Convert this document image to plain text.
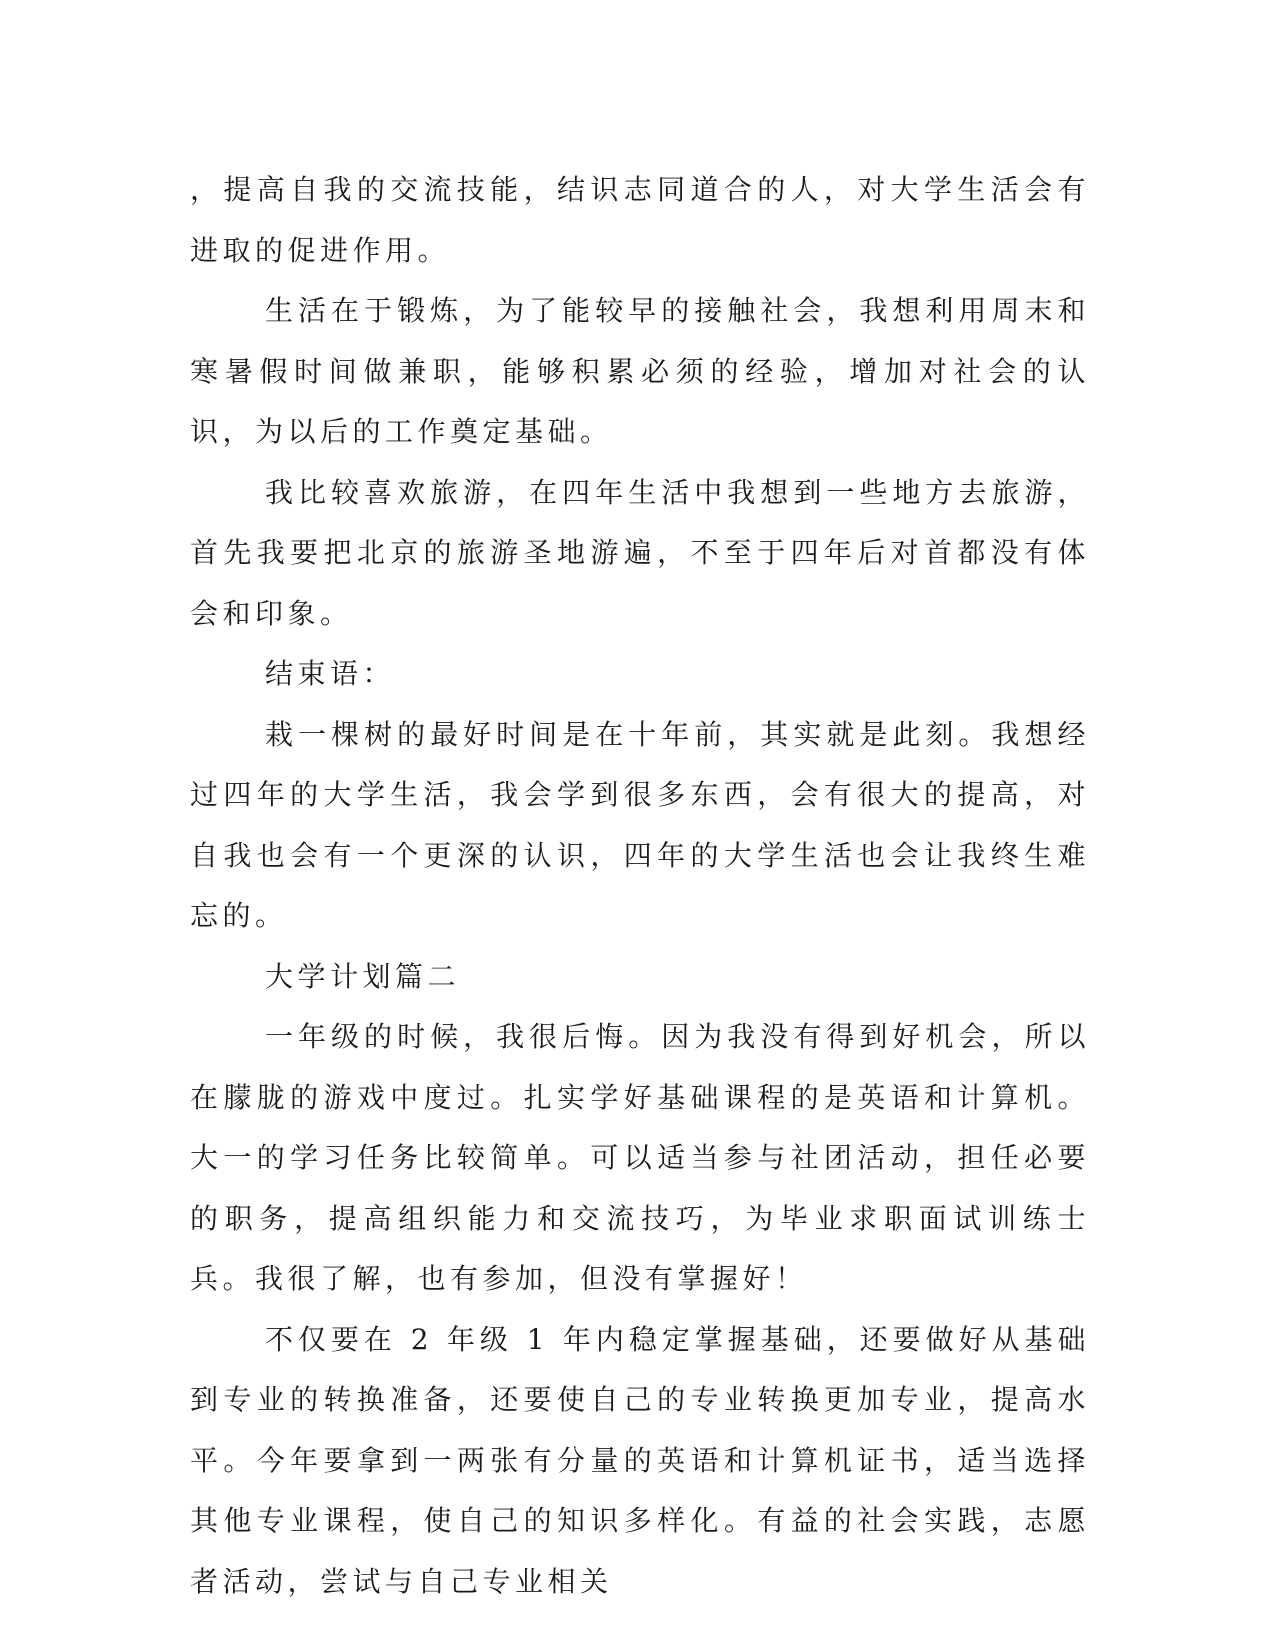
，提高自我的交流技能，结识志同道合的人，对大学生活会有进取的促进作用。

生活在于锻炼，为了能较早的接触社会，我想利用周末和寒暑假时间做兼职，能够积累必须的经验，增加对社会的认识，为以后的工作奠定基础。

我比较喜欢旅游，在四年生活中我想到一些地方去旅游，首先我要把北京的旅游圣地游遍，不至于四年后对首都没有体会和印象。

结束语：

栽一棵树的最好时间是在十年前，其实就是此刻。我想经过四年的大学生活，我会学到很多东西，会有很大的提高，对自我也会有一个更深的认识，四年的大学生活也会让我终生难忘的。

大学计划篇二

一年级的时候，我很后悔。因为我没有得到好机会，所以在朦胧的游戏中度过。扎实学好基础课程的是英语和计算机。大一的学习任务比较简单。可以适当参与社团活动，担任必要的职务，提高组织能力和交流技巧，为毕业求职面试训练士兵。我很了解，也有参加，但没有掌握好！

不仅要在 2 年级 1 年内稳定掌握基础，还要做好从基础到专业的转换准备，还要使自己的专业转换更加专业，提高水平。今年要拿到一两张有分量的英语和计算机证书，适当选择其他专业课程，使自己的知识多样化。有益的社会实践，志愿者活动，尝试与自己专业相关
